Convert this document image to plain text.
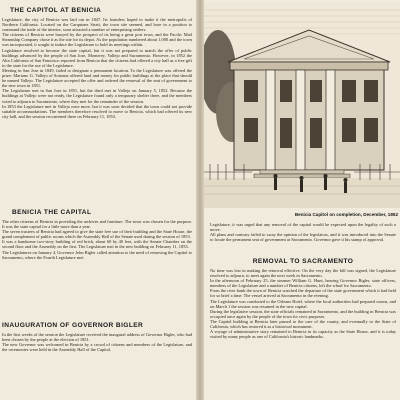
THE CAPITOL AT BENICIA

Legislature, the city of Benicia was laid out in 1847. Its founders hoped to make it the metropolis of Northern California. Located on the Carquinez Strait, the town site seemed, and bore in a position to command the trade of the interior, soon attracted a number of enterprising settlers.

The citizens of Benicia were buoyed by the prospect of its being a great port town, and the Pacific Mail Steamship Company chose it as the site for its depot. As the population numbered about 1,000 and the town was incorporated, it sought to induce the Legislature to hold its meetings within.

Legislature resolved to become the state capital, but it was not prepared to match the offer of public buildings advanced by the people of San Jose, Monterey, Vallejo and Sacramento. However, in 1852 the Alta California of San Francisco reported from Benicia that the citizens had offered a city hall as a free gift to the state for the use of the Legislature.

Meeting in San Jose in 1849, failed to designate a permanent location. To the Legislature was offered the prize: Mariano G. Vallejo of Sonoma offered land and money for public buildings at the place that should be named Vallejo. The Legislature accepted the offer and ordered the removal of the seat of government to the new town in 1851.

The Legislature met in San Jose in 1851, but the third met in Vallejo on January 5, 1852. Because the buildings at Vallejo were not ready, the Legislature found only a temporary shelter there, and the members voted to adjourn to Sacramento, where they met for the remainder of the session.

In 1853 the Legislature met in Vallejo once more, but it was soon decided that the town could not provide suitable accommodations. The members therefore resolved to move to Benicia, which had offered its new city hall, and the session reconvened there on February 11, 1853.

BENICIA THE CAPITAL

The other citizens of Benicia in providing the archives and furniture. The town was chosen for the purpose. It was the state capital for a little more than a year.

The seven trustees of Benicia had agreed to give the state free use of their building and the State House, the grand complement of public rooms which the Assembly Hall of the Senate used during the session of 1853.

It was a handsome two-story building of red brick, about 60 by 40 feet, with the Senate Chamber on the second floor and the Assembly on the first. The Legislature met in the new building on February 11, 1853.

The Legislatures on January 4, Governor John Bigler called attention to the need of removing the Capitol to Sacramento, where the Fourth Legislature met.

INAUGURATION OF GOVERNOR BIGLER

In the first weeks of the session the Legislature received the inaugural address of Governor Bigler, who had been chosen by the people at the election of 1851.

The new Governor was welcomed in Benicia by a crowd of citizens and members of the Legislature, and the ceremonies were held in the Assembly Hall of the Capitol.

Benicia Capitol on completion, December, 1852

Legislature, it was urged that any removal of the capital would be expected upon the legality of such a move.

All plans and contrary failed to sway the opinion of the legislators, and it was introduced into the Senate to locate the permanent seat of government at Sacramento. Governor gave it his stamp of approval.

REMOVAL TO SACRAMENTO

No time was lost in making the removal effective. On the very day the bill was signed, the Legislature resolved to adjourn, to meet again the next week in Sacramento.

In the afternoon of February 25, the steamer William G. Hunt, bearing Governor Bigler, state officers, members of the Legislature and a number of Benicia citizens, left the wharf for Sacramento.

From the river bank the town of Benicia watched the departure of the state government which it had held for so brief a time. The vessel arrived at Sacramento in the evening.

The Legislature was conducted to the Orleans Hotel, where the local authorities had prepared rooms, and on March 1 the session was resumed in the new capital.

During the legislative session, the state officials remained in Sacramento, and the building in Benicia was occupied once again by the people of the town for civic purposes.

The Capitol building at Benicia later passed to the care of the county, and eventually to the State of California, which has restored it as a historical monument.

A voyage of administrative story remained to Benicia in its capacity as the State House, and it is today visited by many people as one of California's historic landmarks.
